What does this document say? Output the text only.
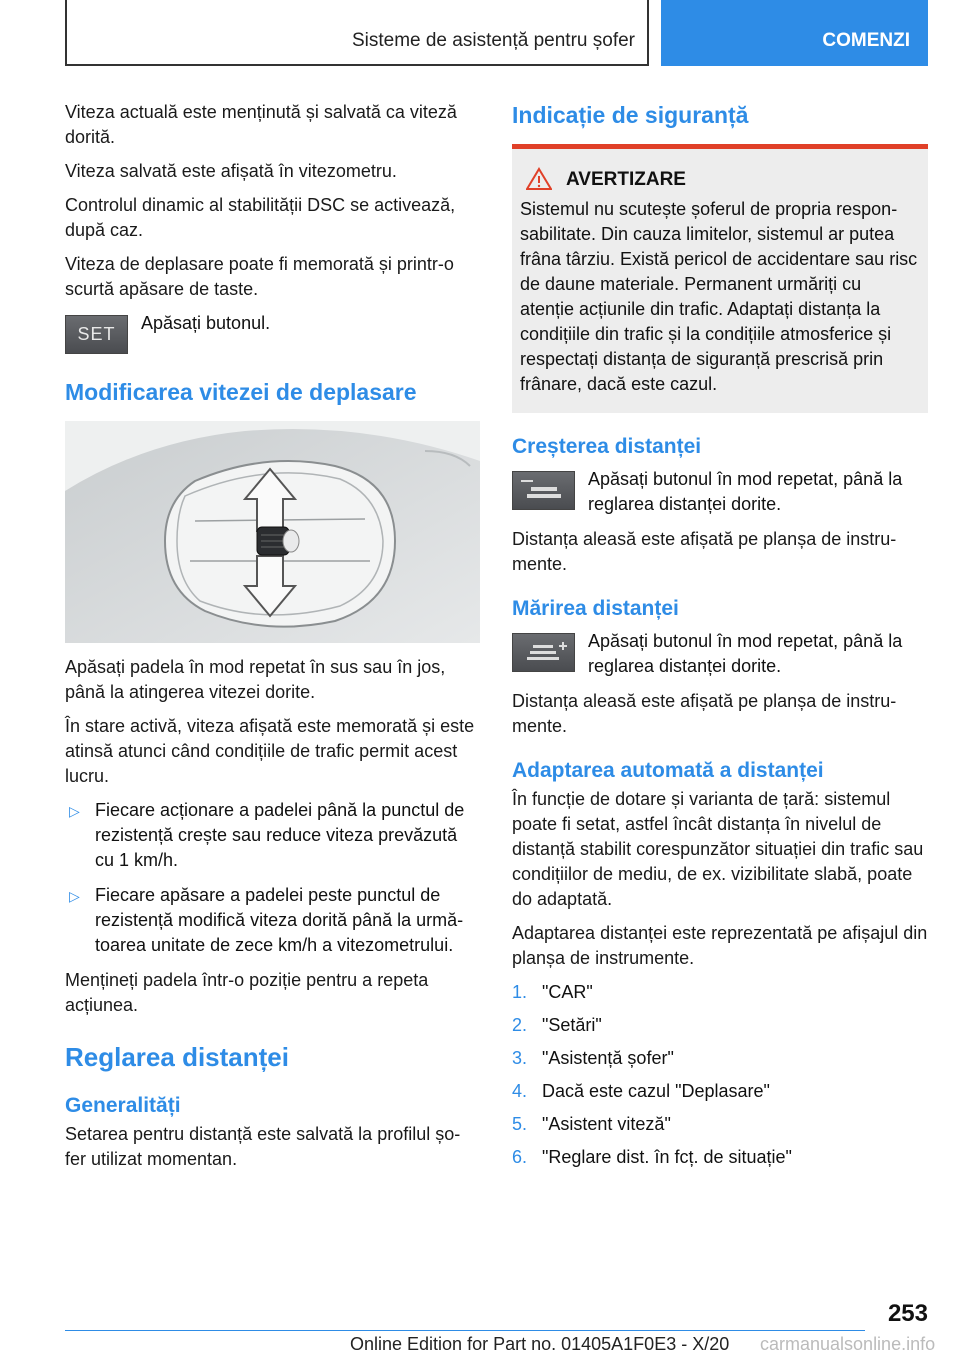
Sisteme de asistență pentru șofer	COMENZI

Viteza actuală este menținută și salvată ca viteză dorită.

Viteza salvată este afișată în vitezometru.

Controlul dinamic al stabilității DSC se activează, după caz.

Viteza de deplasare poate fi memorată și printr-o scurtă apăsare de taste.

SET

Apăsați butonul.

Modificarea vitezei de deplasare

Apăsați padela în mod repetat în sus sau în jos, până la atingerea vitezei dorite.

În stare activă, viteza afișată este memorată și este atinsă atunci când condițiile de trafic permit acest lucru.

▷ Fiecare acționare a padelei până la punctul de rezistență crește sau reduce viteza prevăzută cu 1 km/h.
▷ Fiecare apăsare a padelei peste punctul de rezistență modifică viteza dorită până la urmă-toarea unitate de zece km/h a vitezometrului.

Mențineți padela într-o poziție pentru a repeta acțiunea.

Reglarea distanței
Generalități

Setarea pentru distanță este salvată la profilul șo-fer utilizat momentan.

Indicație de siguranță
AVERTIZARE

Sistemul nu scutește șoferul de propria respon-sabilitate. Din cauza limitelor, sistemul ar putea frâna târziu. Există pericol de accidentare sau risc de daune materiale. Permanent urmăriți cu atenție acțiunile din trafic. Adaptați distanța la condițiile din trafic și la condițiile atmosferice și respectați distanța de siguranță prescrisă prin frânare, dacă este cazul.

Creșterea distanței

Apăsați butonul în mod repetat, până la reglarea distanței dorite.

Distanța aleasă este afișată pe planșa de instru-mente.

Mărirea distanței

Apăsați butonul în mod repetat, până la reglarea distanței dorite.

Distanța aleasă este afișată pe planșa de instru-mente.

Adaptarea automată a distanței

În funcție de dotare și varianta de țară: sistemul poate fi setat, astfel încât distanța în nivelul de distanță stabilit corespunzător situației din trafic sau condițiilor de mediu, de ex. vizibilitate slabă, poate do adaptată.

Adaptarea distanței este reprezentată pe afișajul din planșa de instrumente.

1. "CAR"
2. "Setări"
3. "Asistență șofer"
4. Dacă este cazul "Deplasare"
5. "Asistent viteză"
6. "Reglare dist. în fcț. de situație"
253
Online Edition for Part no. 01405A1F0E3 - X/20 carmanualsonline.info
